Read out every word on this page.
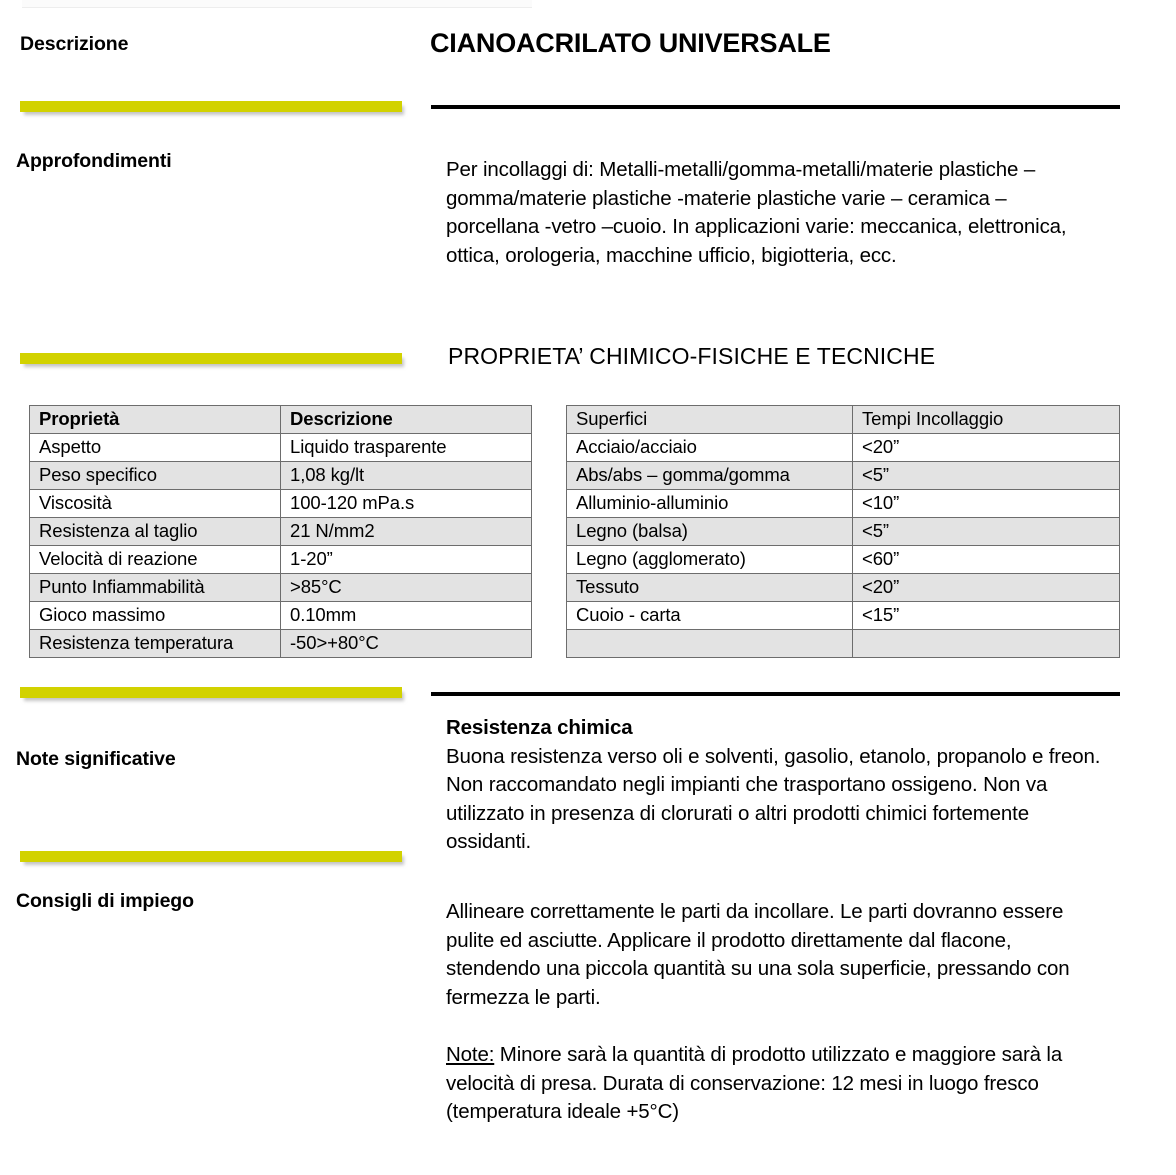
Descrizione
Approfondimenti
Note significative
Consigli di impiego
CIANOACRILATO UNIVERSALE
Per incollaggi di: Metalli-metalli/gomma-metalli/materie plastiche – gomma/materie plastiche -materie plastiche varie – ceramica – porcellana -vetro –cuoio. In applicazioni varie: meccanica, elettronica, ottica, orologeria, macchine ufficio, bigiotteria, ecc.
PROPRIETA’ CHIMICO-FISICHE E TECNICHE
Proprietà	Descrizione
Aspetto	Liquido trasparente
Peso specifico	1,08 kg/lt
Viscosità	100-120 mPa.s
Resistenza al taglio	21 N/mm2
Velocità di reazione	1-20”
Punto Infiammabilità	>85°C
Gioco massimo	0.10mm
Resistenza temperatura	-50>+80°C
Superfici	Tempi Incollaggio
Acciaio/acciaio	<20”
Abs/abs – gomma/gomma	<5”
Alluminio-alluminio	<10”
Legno (balsa)	<5”
Legno (agglomerato)	<60”
Tessuto	<20”
Cuoio - carta	<15”

Resistenza chimica
Buona resistenza verso oli e solventi, gasolio, etanolo, propanolo e freon. Non raccomandato negli impianti che trasportano ossigeno. Non va utilizzato in presenza di clorurati o altri prodotti chimici fortemente ossidanti.
Allineare correttamente le parti da incollare. Le parti dovranno essere pulite ed asciutte. Applicare il prodotto direttamente dal flacone, stendendo una piccola quantità su una sola superficie, pressando con fermezza le parti.
Note: Minore sarà la quantità di prodotto utilizzato e maggiore sarà la velocità di presa. Durata di conservazione: 12 mesi in luogo fresco (temperatura ideale +5°C)
